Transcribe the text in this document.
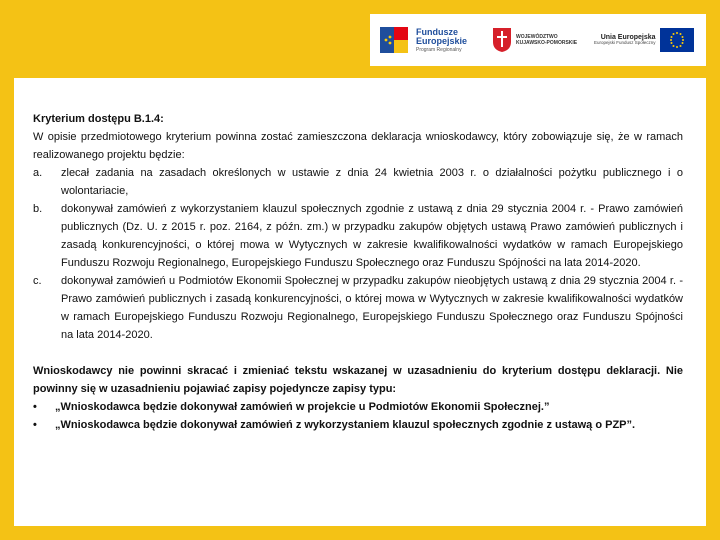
Fundusze
Europejskie
Program Regionalny
WOJEWÓDZTWO
KUJAWSKO-POMORSKIE
Unia Europejska
Europejski Fundusz Społeczny
Kryterium dostępu B.1.4:
W opisie przedmiotowego kryterium powinna zostać zamieszczona deklaracja wnioskodawcy, który zobowiązuje się, że w ramach realizowanego projektu będzie:
a.	zlecał zadania na zasadach określonych w ustawie z dnia 24 kwietnia 2003 r. o działalności pożytku publicznego i o wolontariacie,
b.	dokonywał zamówień z wykorzystaniem klauzul społecznych zgodnie z ustawą z dnia 29 stycznia 2004 r. - Prawo zamówień publicznych (Dz. U. z 2015 r. poz. 2164, z późn. zm.) w przypadku zakupów objętych ustawą Prawo zamówień publicznych i zasadą konkurencyjności, o której mowa w Wytycznych w zakresie kwalifikowalności wydatków w ramach Europejskiego Funduszu Rozwoju Regionalnego, Europejskiego Funduszu Społecznego oraz Funduszu Spójności na lata 2014-2020.
c.	dokonywał zamówień u Podmiotów Ekonomii Społecznej w przypadku zakupów nieobjętych ustawą z dnia 29 stycznia 2004 r. - Prawo zamówień publicznych i zasadą konkurencyjności, o której mowa w Wytycznych w zakresie kwalifikowalności wydatków w ramach Europejskiego Funduszu Rozwoju Regionalnego, Europejskiego Funduszu Społecznego oraz Funduszu Spójności na lata 2014-2020.
Wnioskodawcy nie powinni skracać i zmieniać tekstu wskazanej w uzasadnieniu do kryterium dostępu deklaracji. Nie powinny się w uzasadnieniu pojawiać zapisy pojedyncze zapisy typu:
•	„Wnioskodawca będzie dokonywał zamówień w projekcie u Podmiotów Ekonomii Społecznej.”
•	„Wnioskodawca będzie dokonywał zamówień z wykorzystaniem klauzul społecznych zgodnie z ustawą o PZP”.
